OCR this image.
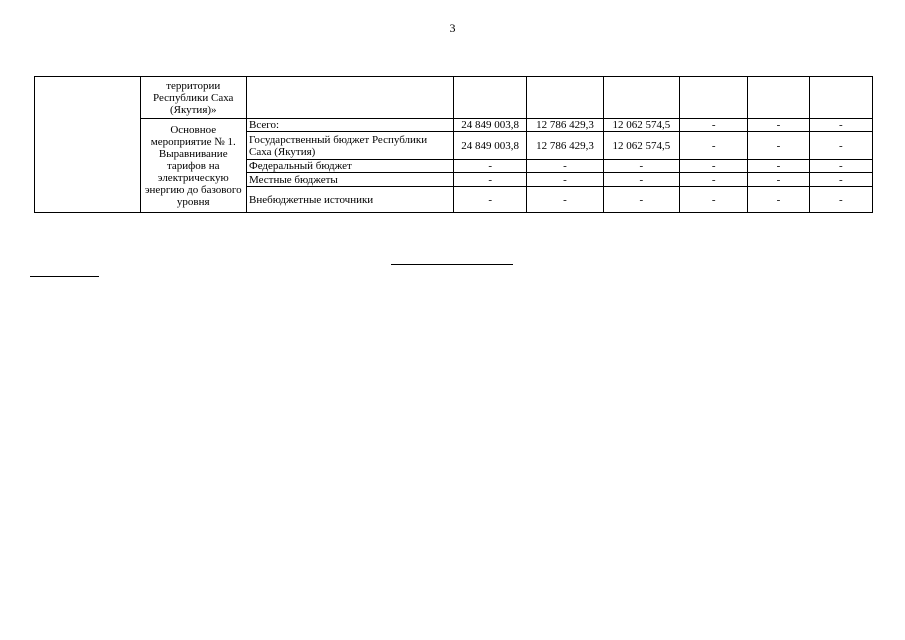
3
	территории Республики Саха (Якутия)»							
	Основное мероприятие № 1. Выравнивание тарифов на электрическую энергию до базового уровня	Всего:	24 849 003,8	12 786 429,3	12 062 574,5	-	-	-
		Государственный бюджет Республики Саха (Якутия)	24 849 003,8	12 786 429,3	12 062 574,5	-	-	-
		Федеральный бюджет	-	-	-	-	-	-
		Местные бюджеты	-	-	-	-	-	-
		Внебюджетные источники	-	-	-	-	-	-
